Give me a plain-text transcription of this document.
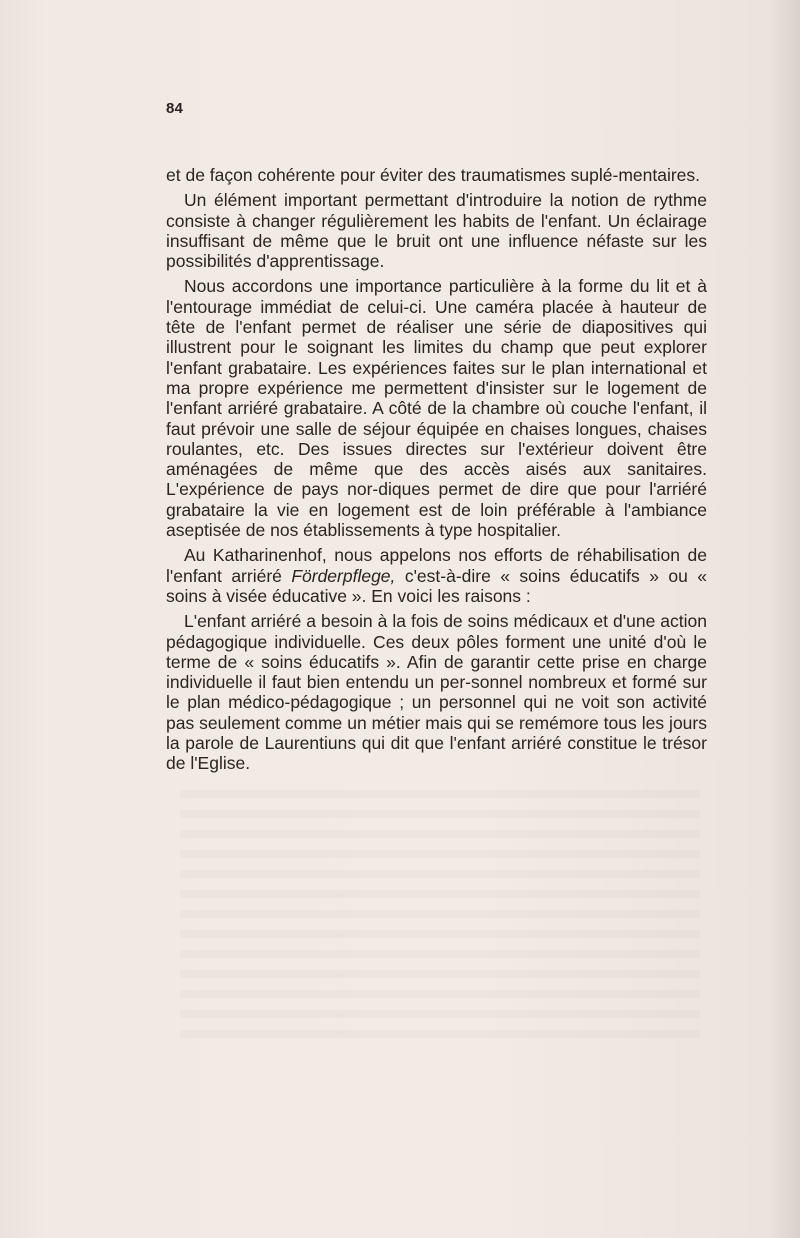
84

et de façon cohérente pour éviter des traumatismes suplé-mentaires.

Un élément important permettant d'introduire la notion de rythme consiste à changer régulièrement les habits de l'enfant. Un éclairage insuffisant de même que le bruit ont une influence néfaste sur les possibilités d'apprentissage.

Nous accordons une importance particulière à la forme du lit et à l'entourage immédiat de celui-ci. Une caméra placée à hauteur de tête de l'enfant permet de réaliser une série de diapositives qui illustrent pour le soignant les limites du champ que peut explorer l'enfant grabataire. Les expériences faites sur le plan international et ma propre expérience me permettent d'insister sur le logement de l'enfant arriéré grabataire. A côté de la chambre où couche l'enfant, il faut prévoir une salle de séjour équipée en chaises longues, chaises roulantes, etc. Des issues directes sur l'extérieur doivent être aménagées de même que des accès aisés aux sanitaires. L'expérience de pays nor-diques permet de dire que pour l'arriéré grabataire la vie en logement est de loin préférable à l'ambiance aseptisée de nos établissements à type hospitalier.

Au Katharinenhof, nous appelons nos efforts de réhabilisation de l'enfant arriéré Förderpflege, c'est-à-dire « soins éducatifs » ou « soins à visée éducative ». En voici les raisons :

L'enfant arriéré a besoin à la fois de soins médicaux et d'une action pédagogique individuelle. Ces deux pôles forment une unité d'où le terme de « soins éducatifs ». Afin de garantir cette prise en charge individuelle il faut bien entendu un per-sonnel nombreux et formé sur le plan médico-pédagogique ; un personnel qui ne voit son activité pas seulement comme un métier mais qui se remémore tous les jours la parole de Laurentiuns qui dit que l'enfant arriéré constitue le trésor de l'Eglise.
